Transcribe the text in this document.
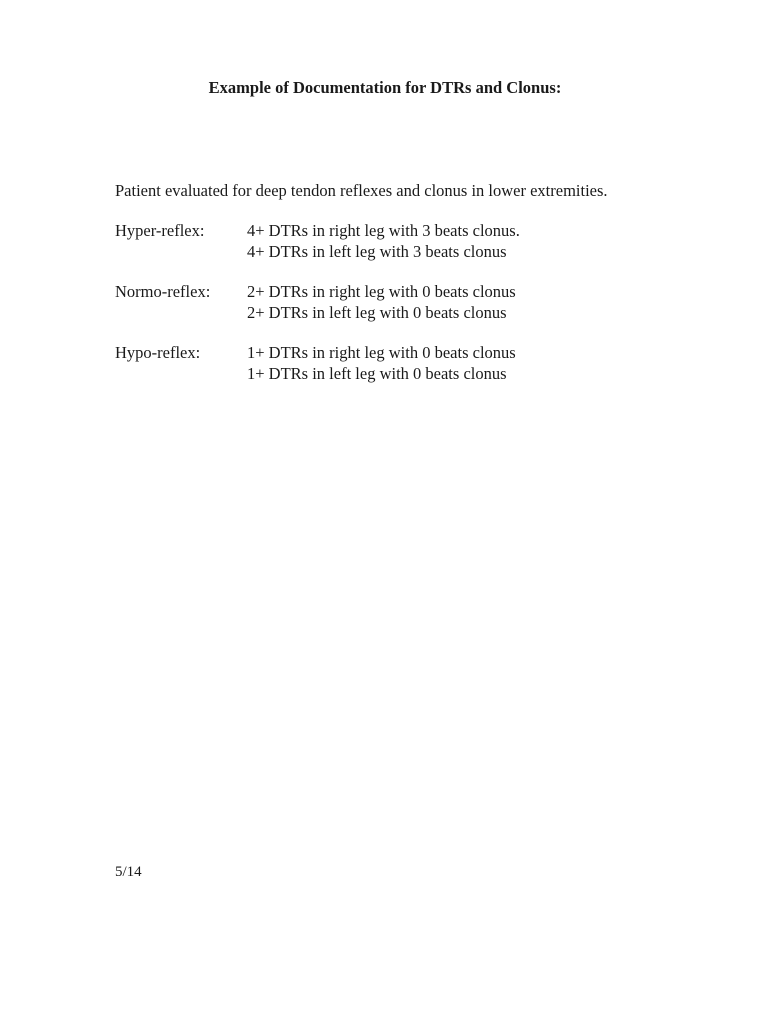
Example of Documentation for DTRs and Clonus:
Patient evaluated for deep tendon reflexes and clonus in lower extremities.
Hyper-reflex:	4+ DTRs in right leg with 3 beats clonus.
4+ DTRs in left leg with 3 beats clonus
Normo-reflex: 2+ DTRs in right leg with 0 beats clonus
2+ DTRs in left leg with 0 beats clonus
Hypo-reflex:	1+ DTRs in right leg with 0 beats clonus
1+ DTRs in left leg with 0 beats clonus
5/14
